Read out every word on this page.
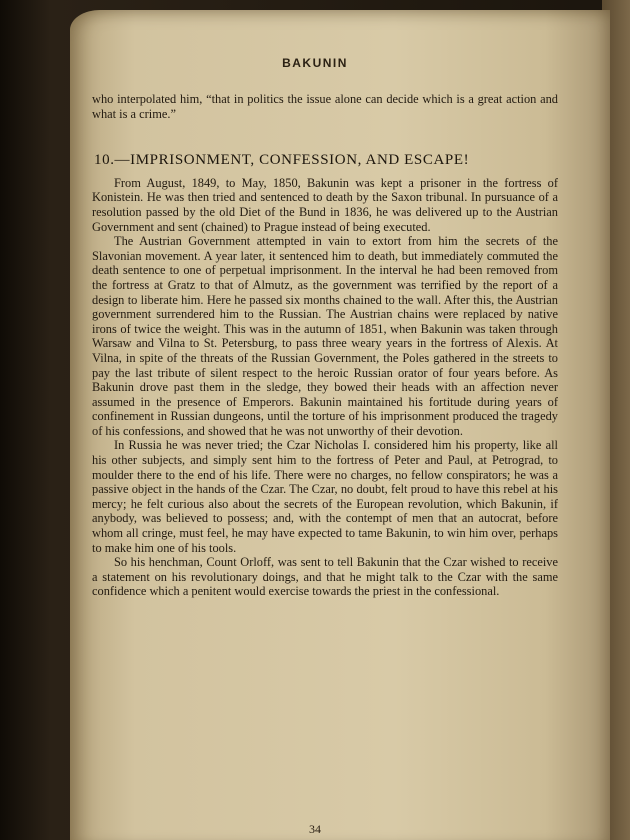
BAKUNIN

who interpolated him, “that in politics the issue alone can decide which is a great action and what is a crime.”

10.—IMPRISONMENT, CONFESSION, AND ESCAPE!

From August, 1849, to May, 1850, Bakunin was kept a prisoner in the fortress of Konistein. He was then tried and sentenced to death by the Saxon tribunal. In pursuance of a resolution passed by the old Diet of the Bund in 1836, he was delivered up to the Austrian Government and sent (chained) to Prague instead of being executed.

The Austrian Government attempted in vain to extort from him the secrets of the Slavonian movement. A year later, it sentenced him to death, but immediately commuted the death sentence to one of perpetual imprisonment. In the interval he had been removed from the fortress at Gratz to that of Almutz, as the government was terrified by the report of a design to liberate him. Here he passed six months chained to the wall. After this, the Austrian government surrendered him to the Russian. The Austrian chains were replaced by native irons of twice the weight. This was in the autumn of 1851, when Bakunin was taken through Warsaw and Vilna to St. Petersburg, to pass three weary years in the fortress of Alexis. At Vilna, in spite of the threats of the Russian Government, the Poles gathered in the streets to pay the last tribute of silent respect to the heroic Russian orator of four years before. As Bakunin drove past them in the sledge, they bowed their heads with an affection never assumed in the presence of Emperors. Bakunin maintained his fortitude during years of confinement in Russian dungeons, until the torture of his imprisonment produced the tragedy of his confessions, and showed that he was not unworthy of their devotion.

In Russia he was never tried; the Czar Nicholas I. considered him his property, like all his other subjects, and simply sent him to the fortress of Peter and Paul, at Petrograd, to moulder there to the end of his life. There were no charges, no fellow conspirators; he was a passive object in the hands of the Czar. The Czar, no doubt, felt proud to have this rebel at his mercy; he felt curious also about the secrets of the European revolution, which Bakunin, if anybody, was believed to possess; and, with the contempt of men that an autocrat, before whom all cringe, must feel, he may have expected to tame Bakunin, to win him over, perhaps to make him one of his tools.

So his henchman, Count Orloff, was sent to tell Bakunin that the Czar wished to receive a statement on his revolutionary doings, and that he might talk to the Czar with the same confidence which a penitent would exercise towards the priest in the confessional.

34
